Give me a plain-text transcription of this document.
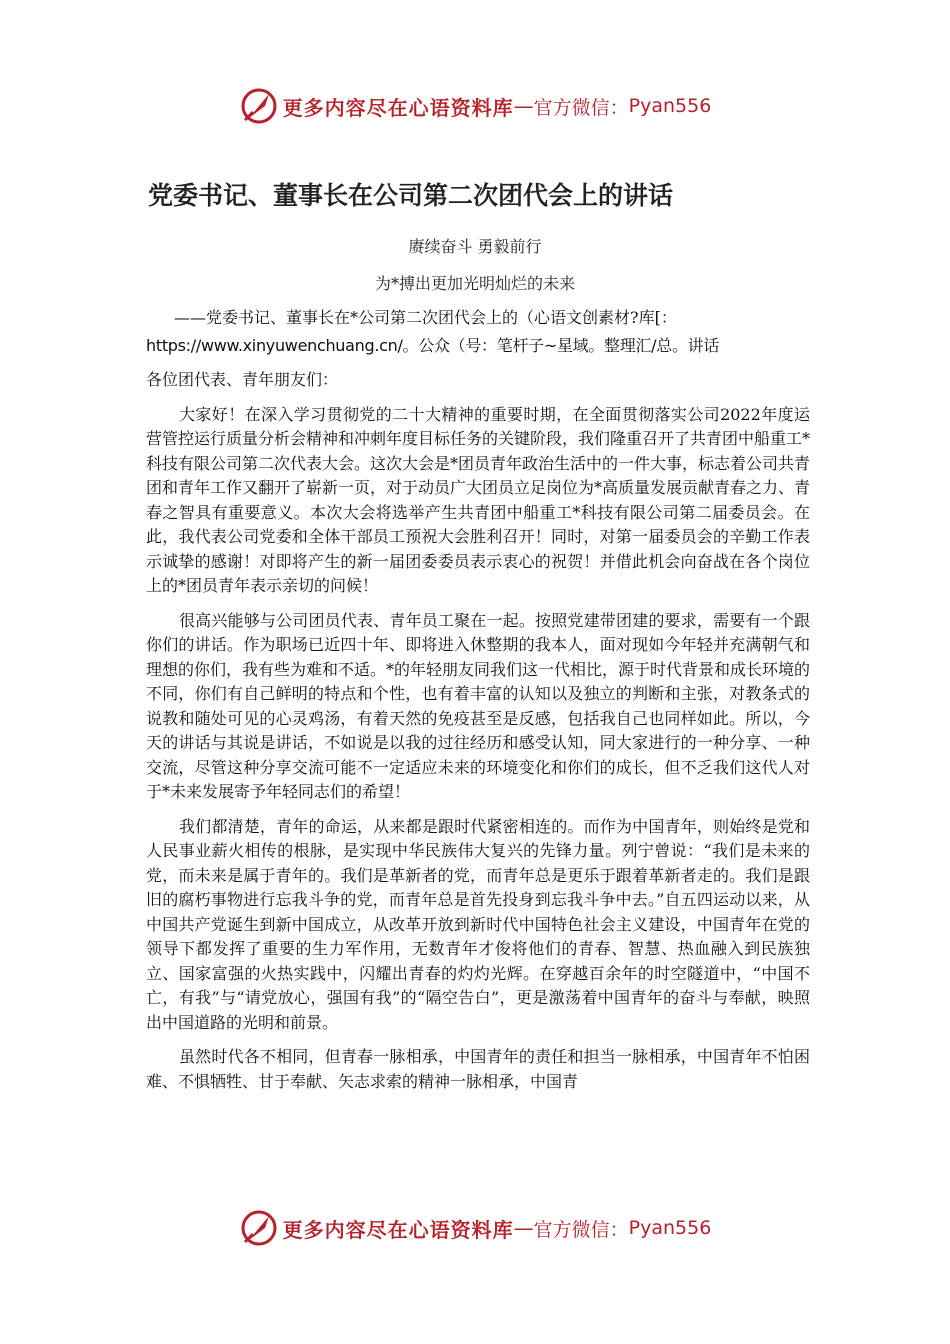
更多内容尽在心语资料库 — 官方微信： Pyan556
党委书记、董事长在公司第二次团代会上的讲话
赓续奋斗 勇毅前行
为*搏出更加光明灿烂的未来
——党委书记、董事长在*公司第二次团代会上的（心语文创素材?库[：
https://www.xinyuwenchuang.cn/。公众（号：笔杆子~星域。整理汇/总。讲话

各位团代表、青年朋友们：

大家好！在深入学习贯彻党的二十大精神的重要时期，在全面贯彻落实公司2022年度运营管控运行质量分析会精神和冲刺年度目标任务的关键阶段，我们隆重召开了共青团中船重工*科技有限公司第二次代表大会。这次大会是*团员青年政治生活中的一件大事，标志着公司共青团和青年工作又翻开了崭新一页，对于动员广大团员立足岗位为*高质量发展贡献青春之力、青春之智具有重要意义。本次大会将选举产生共青团中船重工*科技有限公司第二届委员会。在此，我代表公司党委和全体干部员工预祝大会胜利召开！同时，对第一届委员会的辛勤工作表示诚挚的感谢！对即将产生的新一届团委委员表示衷心的祝贺！并借此机会向奋战在各个岗位上的*团员青年表示亲切的问候！

很高兴能够与公司团员代表、青年员工聚在一起。按照党建带团建的要求，需要有一个跟你们的讲话。作为职场已近四十年、即将进入休整期的我本人，面对现如今年轻并充满朝气和理想的你们，我有些为难和不适。*的年轻朋友同我们这一代相比，源于时代背景和成长环境的不同，你们有自己鲜明的特点和个性，也有着丰富的认知以及独立的判断和主张，对教条式的说教和随处可见的心灵鸡汤，有着天然的免疫甚至是反感，包括我自己也同样如此。所以，今天的讲话与其说是讲话，不如说是以我的过往经历和感受认知，同大家进行的一种分享、一种交流，尽管这种分享交流可能不一定适应未来的环境变化和你们的成长，但不乏我们这代人对于*未来发展寄予年轻同志们的希望！

我们都清楚，青年的命运，从来都是跟时代紧密相连的。而作为中国青年，则始终是党和人民事业薪火相传的根脉，是实现中华民族伟大复兴的先锋力量。列宁曾说：“我们是未来的党，而未来是属于青年的。我们是革新者的党，而青年总是更乐于跟着革新者走的。我们是跟旧的腐朽事物进行忘我斗争的党，而青年总是首先投身到忘我斗争中去。”自五四运动以来，从中国共产党诞生到新中国成立，从改革开放到新时代中国特色社会主义建设，中国青年在党的领导下都发挥了重要的生力军作用，无数青年才俊将他们的青春、智慧、热血融入到民族独立、国家富强的火热实践中，闪耀出青春的灼灼光辉。在穿越百余年的时空隧道中，“中国不亡，有我”与“请党放心，强国有我”的“隔空告白”，更是激荡着中国青年的奋斗与奉献，映照出中国道路的光明和前景。

虽然时代各不相同，但青春一脉相承，中国青年的责任和担当一脉相承，中国青年不怕困难、不惧牺牲、甘于奉献、矢志求索的精神一脉相承，中国青

更多内容尽在心语资料库 — 官方微信： Pyan556
